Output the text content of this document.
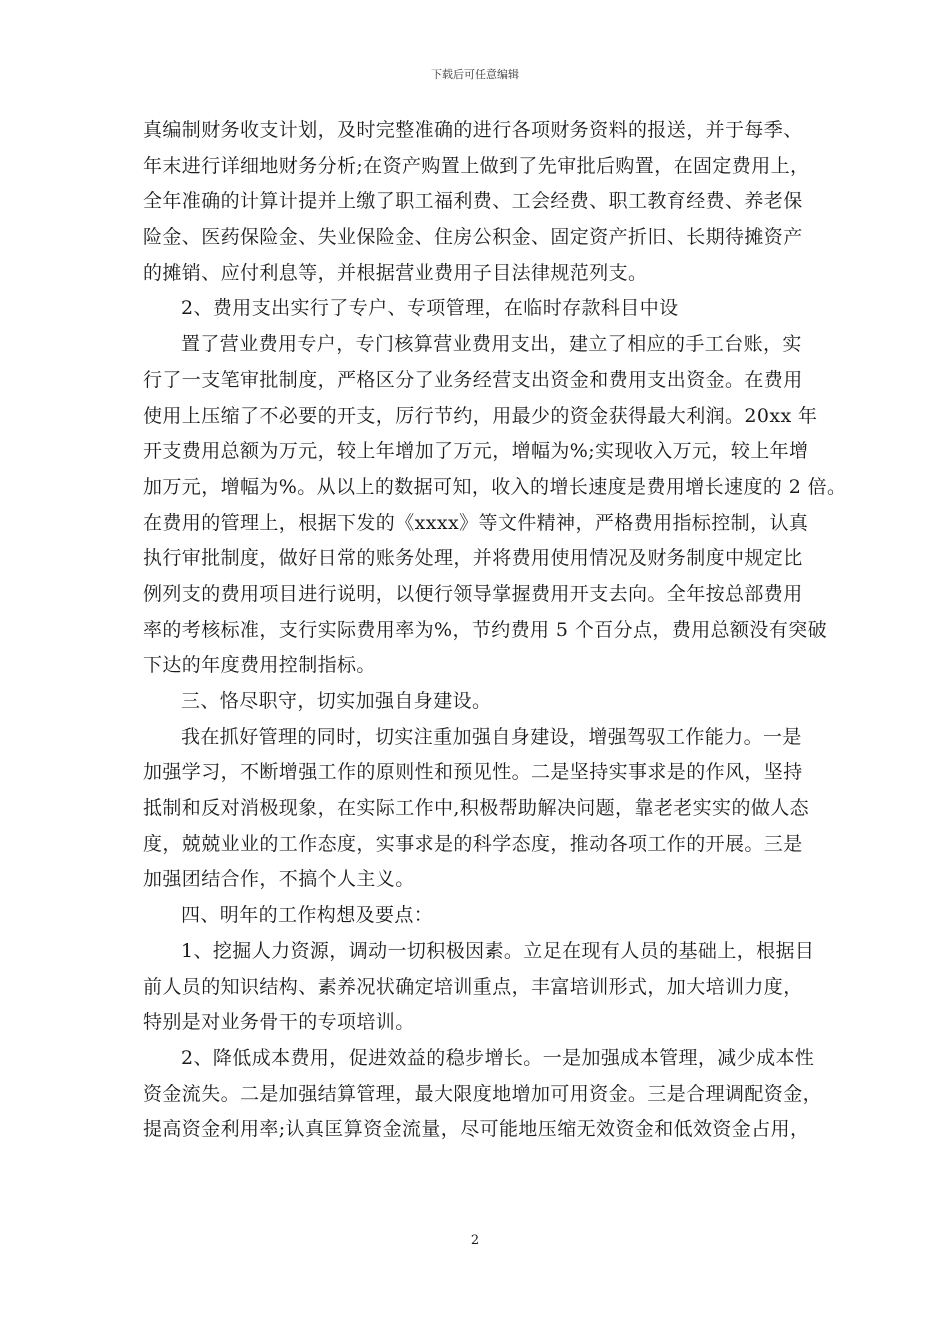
下载后可任意编辑
真编制财务收支计划，及时完整准确的进行各项财务资料的报送，并于每季、
年末进行详细地财务分析;在资产购置上做到了先审批后购置，在固定费用上，
全年准确的计算计提并上缴了职工福利费、工会经费、职工教育经费、养老保
险金、医药保险金、失业保险金、住房公积金、固定资产折旧、长期待摊资产
的摊销、应付利息等，并根据营业费用子目法律规范列支。
2、费用支出实行了专户、专项管理，在临时存款科目中设
置了营业费用专户，专门核算营业费用支出，建立了相应的手工台账，实
行了一支笔审批制度，严格区分了业务经营支出资金和费用支出资金。在费用
使用上压缩了不必要的开支，厉行节约，用最少的资金获得最大利润。20xx 年
开支费用总额为万元，较上年增加了万元，增幅为%;实现收入万元，较上年增
加万元，增幅为%。从以上的数据可知，收入的增长速度是费用增长速度的 2 倍。
在费用的管理上，根据下发的《xxxx》等文件精神，严格费用指标控制，认真
执行审批制度，做好日常的账务处理，并将费用使用情况及财务制度中规定比
例列支的费用项目进行说明，以便行领导掌握费用开支去向。全年按总部费用
率的考核标准，支行实际费用率为%，节约费用 5 个百分点，费用总额没有突破
下达的年度费用控制指标。
三、恪尽职守，切实加强自身建设。
我在抓好管理的同时，切实注重加强自身建设，增强驾驭工作能力。一是
加强学习，不断增强工作的原则性和预见性。二是坚持实事求是的作风，坚持
抵制和反对消极现象，在实际工作中,积极帮助解决问题，靠老老实实的做人态
度，兢兢业业的工作态度，实事求是的科学态度，推动各项工作的开展。三是
加强团结合作，不搞个人主义。
四、明年的工作构想及要点：
1、挖掘人力资源，调动一切积极因素。立足在现有人员的基础上，根据目
前人员的知识结构、素养况状确定培训重点，丰富培训形式，加大培训力度，
特别是对业务骨干的专项培训。
2、降低成本费用，促进效益的稳步增长。一是加强成本管理，减少成本性
资金流失。二是加强结算管理，最大限度地增加可用资金。三是合理调配资金，
提高资金利用率;认真匡算资金流量，尽可能地压缩无效资金和低效资金占用，
2
